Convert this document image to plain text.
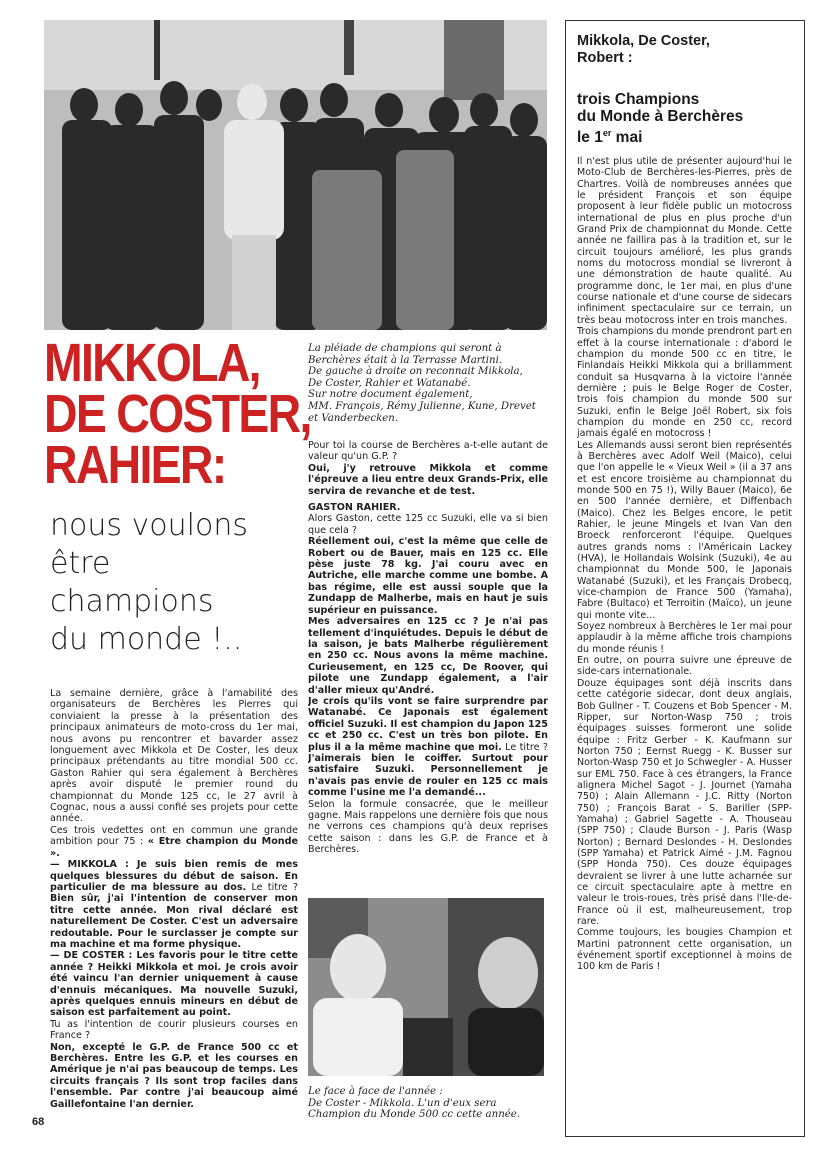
La pléiade de champions qui seront à
Berchères était à la Terrasse Martini.
De gauche à droite on reconnait Mikkola,
De Coster, Rahier et Watanabé.
Sur notre document également,
MM. François, Rémy Julienne, Kune, Drevet
et Vanderbecken.
MIKKOLA,
DE COSTER,
RAHIER:
nous voulons
être
champions
du monde !..

La semaine dernière, grâce à l'amabilité des organisateurs de Berchères les Pierres qui conviaient la presse à la présentation des principaux animateurs de moto-cross du 1er mai, nous avons pu rencontrer et bavarder assez longuement avec Mikkola et De Coster, les deux principaux prétendants au titre mondial 500 cc. Gaston Rahier qui sera également à Berchères après avoir disputé le premier round du championnat du Monde 125 cc, le 27 avril à Cognac, nous a aussi confié ses projets pour cette année.

Ces trois vedettes ont en commun une grande ambition pour 75 : « Etre champion du Monde ».

— MIKKOLA : Je suis bien remis de mes quelques blessures du début de saison. En particulier de ma blessure au dos. Le titre ? Bien sûr, j'ai l'intention de conserver mon titre cette année. Mon rival déclaré est naturellement De Coster. C'est un adversaire redoutable. Pour le surclasser je compte sur ma machine et ma forme physique.

— DE COSTER : Les favoris pour le titre cette année ? Heikki Mikkola et moi. Je crois avoir été vaincu l'an dernier uniquement à cause d'ennuis mécaniques. Ma nouvelle Suzuki, après quelques ennuis mineurs en début de saison est parfaitement au point.

Tu as l'intention de courir plusieurs courses en France ?

Non, excepté le G.P. de France 500 cc et Berchères. Entre les G.P. et les courses en Amérique je n'ai pas beaucoup de temps. Les circuits français ? Ils sont trop faciles dans l'ensemble. Par contre j'ai beaucoup aimé Gaillefontaine l'an dernier.

68

Pour toi la course de Berchères a-t-elle autant de valeur qu'un G.P. ?

Oui, j'y retrouve Mikkola et comme l'épreuve a lieu entre deux Grands-Prix, elle servira de revanche et de test.

GASTON RAHIER.

Alors Gaston, cette 125 cc Suzuki, elle va si bien que cela ?

Réellement oui, c'est la même que celle de Robert ou de Bauer, mais en 125 cc. Elle pèse juste 78 kg. J'ai couru avec en Autriche, elle marche comme une bombe. A bas régime, elle est aussi souple que la Zundapp de Malherbe, mais en haut je suis supérieur en puissance.

Mes adversaires en 125 cc ? Je n'ai pas tellement d'inquiétudes. Depuis le début de la saison, je bats Malherbe régulièrement en 250 cc. Nous avons la même machine. Curieusement, en 125 cc, De Roover, qui pilote une Zundapp également, a l'air d'aller mieux qu'André.

Je crois qu'ils vont se faire surprendre par Watanabé. Ce Japonais est également officiel Suzuki. Il est champion du Japon 125 cc et 250 cc. C'est un très bon pilote. En plus il a la même machine que moi. Le titre ? J'aimerais bien le coiffer. Surtout pour satisfaire Suzuki. Personnellement je n'avais pas envie de rouler en 125 cc mais comme l'usine me l'a demandé...

Selon la formule consacrée, que le meilleur gagne. Mais rappelons une dernière fois que nous ne verrons ces champions qu'à deux reprises cette saison : dans les G.P. de France et à Berchères.

Le face à face de l'année :
De Coster - Mikkola. L'un d'eux sera
Champion du Monde 500 cc cette année.
Mikkola, De Coster,
Robert :
trois Champions
du Monde à Berchères
le 1er mai

Il n'est plus utile de présenter aujourd'hui le Moto-Club de Berchères-les-Pierres, près de Chartres. Voilà de nombreuses années que le président François et son équipe proposent à leur fidèle public un motocross international de plus en plus proche d'un Grand Prix de championnat du Monde. Cette année ne faillira pas à la tradition et, sur le circuit toujours amélioré, les plus grands noms du motocross mondial se livreront à une démonstration de haute qualité. Au programme donc, le 1er mai, en plus d'une course nationale et d'une course de sidecars infiniment spectaculaire sur ce terrain, un très beau motocross inter en trois manches.

Trois champions du monde prendront part en effet à la course internationale : d'abord le champion du monde 500 cc en titre, le Finlandais Heikki Mikkola qui a brillamment conduit sa Husqvarna à la victoire l'année dernière ; puis le Belge Roger de Coster, trois fois champion du monde 500 sur Suzuki, enfin le Belge Joël Robert, six fois champion du monde en 250 cc, record jamais égalé en motocross !

Les Allemands aussi seront bien représentés à Berchères avec Adolf Weil (Maico), celui que l'on appelle le « Vieux Weil » (il a 37 ans et est encore troisième au championnat du monde 500 en 75 !), Willy Bauer (Maico), 6e en 500 l'année dernière, et Diffenbach (Maico). Chez les Belges encore, le petit Rahier, le jeune Mingels et Ivan Van den Broeck renforceront l'équipe. Quelques autres grands noms : l'Américain Lackey (HVA), le Hollandais Wolsink (Suzuki), 4e au championnat du Monde 500, le Japonais Watanabé (Suzuki), et les Français Drobecq, vice-champion de France 500 (Yamaha), Fabre (Bultaco) et Terroitin (Maïco), un jeune qui monte vite...

Soyez nombreux à Berchères le 1er mai pour applaudir à la même affiche trois champions du monde réunis !

En outre, on pourra suivre une épreuve de side-cars internationale.

Douze équipages sont déjà inscrits dans cette catégorie sidecar, dont deux anglais, Bob Gullner - T. Couzens et Bob Spencer - M. Ripper, sur Norton-Wasp 750 ; trois équipages suisses formeront une solide équipe : Fritz Gerber - K. Kaufmann sur Norton 750 ; Eernst Ruegg - K. Busser sur Norton-Wasp 750 et Jo Schwegler - A. Husser sur EML 750. Face à ces étrangers, la France alignera Michel Sagot - J. Journet (Yamaha 750) ; Alain Allemann - J.C. Ritty (Norton 750) ; François Barat - S. Bariller (SPP-Yamaha) ; Gabriel Sagette - A. Thouseau (SPP 750) ; Claude Burson - J. Paris (Wasp Norton) ; Bernard Deslondes - H. Deslondes (SPP Yamaha) et Patrick Aimé - J.M. Fagnou (SPP Honda 750). Ces douze équipages devraient se livrer à une lutte acharnée sur ce circuit spectaculaire apte à mettre en valeur le trois-roues, très prisé dans l'Ile-de-France où il est, malheureusement, trop rare.

Comme toujours, les bougies Champion et Martini patronnent cette organisation, un événement sportif exceptionnel à moins de 100 km de Paris !
